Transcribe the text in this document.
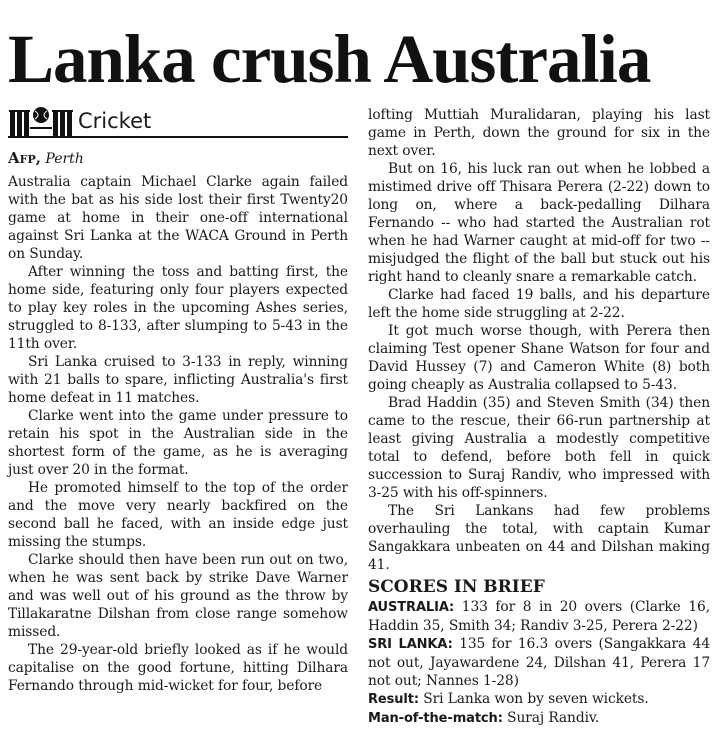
Lanka crush Australia
Cricket
Afp, Perth

Australia captain Michael Clarke again failed with the bat as his side lost their first Twenty20 game at home in their one-off international against Sri Lanka at the WACA Ground in Perth on Sunday.

After winning the toss and batting first, the home side, featuring only four players expected to play key roles in the upcoming Ashes series, struggled to 8-133, after slumping to 5-43 in the 11th over.

Sri Lanka cruised to 3-133 in reply, winning with 21 balls to spare, inflicting Australia's first home defeat in 11 matches.

Clarke went into the game under pressure to retain his spot in the Australian side in the shortest form of the game, as he is averaging just over 20 in the format.

He promoted himself to the top of the order and the move very nearly backfired on the second ball he faced, with an inside edge just missing the stumps.

Clarke should then have been run out on two, when he was sent back by strike Dave Warner and was well out of his ground as the throw by Tillakaratne Dilshan from close range somehow missed.

The 29-year-old briefly looked as if he would capitalise on the good fortune, hitting Dilhara Fernando through mid-wicket for four, before

lofting Muttiah Muralidaran, playing his last game in Perth, down the ground for six in the next over.

But on 16, his luck ran out when he lobbed a mistimed drive off Thisara Perera (2-22) down to long on, where a back-pedalling Dilhara Fernando -- who had started the Australian rot when he had Warner caught at mid-off for two -- misjudged the flight of the ball but stuck out his right hand to cleanly snare a remarkable catch.

Clarke had faced 19 balls, and his departure left the home side struggling at 2-22.

It got much worse though, with Perera then claiming Test opener Shane Watson for four and David Hussey (7) and Cameron White (8) both going cheaply as Australia collapsed to 5-43.

Brad Haddin (35) and Steven Smith (34) then came to the rescue, their 66-run partnership at least giving Australia a modestly competitive total to defend, before both fell in quick succession to Suraj Randiv, who impressed with 3-25 with his off-spinners.

The Sri Lankans had few problems overhauling the total, with captain Kumar Sangakkara unbeaten on 44 and Dilshan making 41.

SCORES IN BRIEF

AUSTRALIA: 133 for 8 in 20 overs (Clarke 16, Haddin 35, Smith 34; Randiv 3-25, Perera 2-22)

SRI LANKA: 135 for 16.3 overs (Sangakkara 44 not out, Jayawardene 24, Dilshan 41, Perera 17 not out; Nannes 1-28)

Result: Sri Lanka won by seven wickets.

Man-of-the-match: Suraj Randiv.
